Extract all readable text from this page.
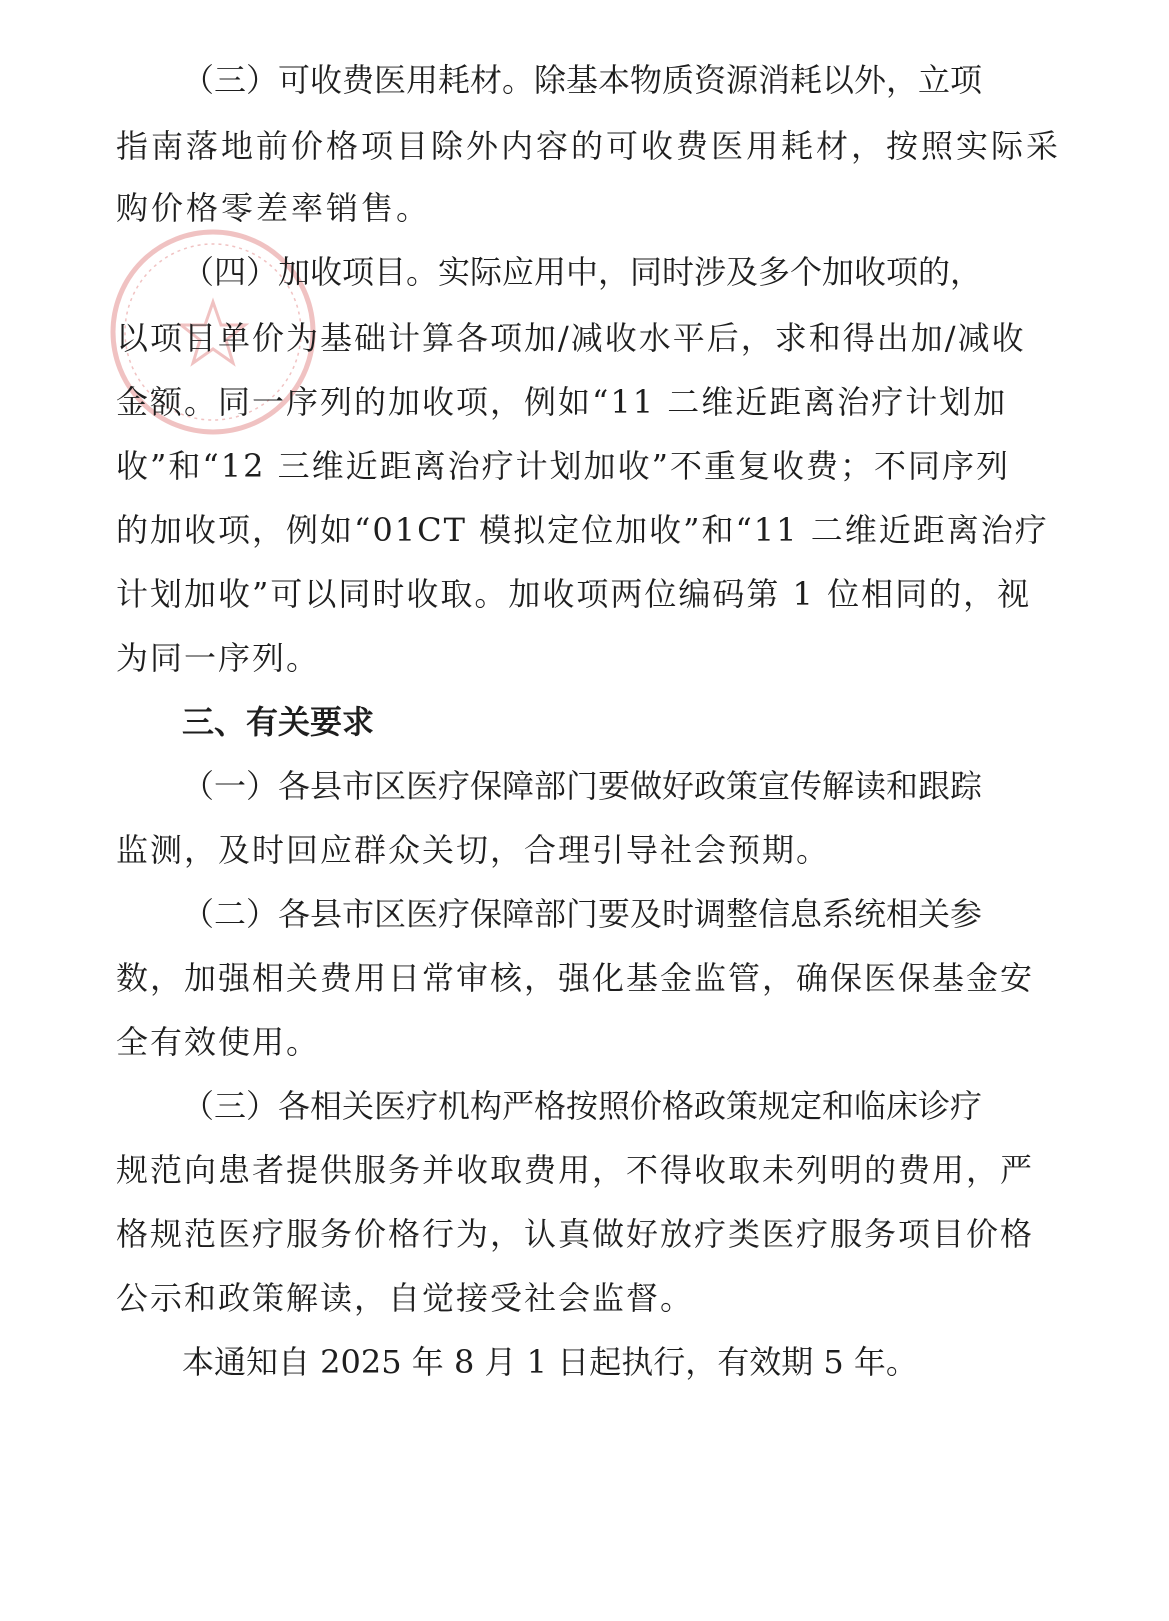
（三）可收费医用耗材。除基本物质资源消耗以外，立项
指南落地前价格项目除外内容的可收费医用耗材，按照实际采
购价格零差率销售。
（四）加收项目。实际应用中，同时涉及多个加收项的，
以项目单价为基础计算各项加/减收水平后，求和得出加/减收
金额。同一序列的加收项，例如“11 二维近距离治疗计划加
收”和“12 三维近距离治疗计划加收”不重复收费；不同序列
的加收项，例如“01CT 模拟定位加收”和“11 二维近距离治疗
计划加收”可以同时收取。加收项两位编码第 1 位相同的，视
为同一序列。
三、有关要求
（一）各县市区医疗保障部门要做好政策宣传解读和跟踪
监测，及时回应群众关切，合理引导社会预期。
（二）各县市区医疗保障部门要及时调整信息系统相关参
数，加强相关费用日常审核，强化基金监管，确保医保基金安
全有效使用。
（三）各相关医疗机构严格按照价格政策规定和临床诊疗
规范向患者提供服务并收取费用，不得收取未列明的费用，严
格规范医疗服务价格行为，认真做好放疗类医疗服务项目价格
公示和政策解读，自觉接受社会监督。
本通知自 2025 年 8 月 1 日起执行，有效期 5 年。
